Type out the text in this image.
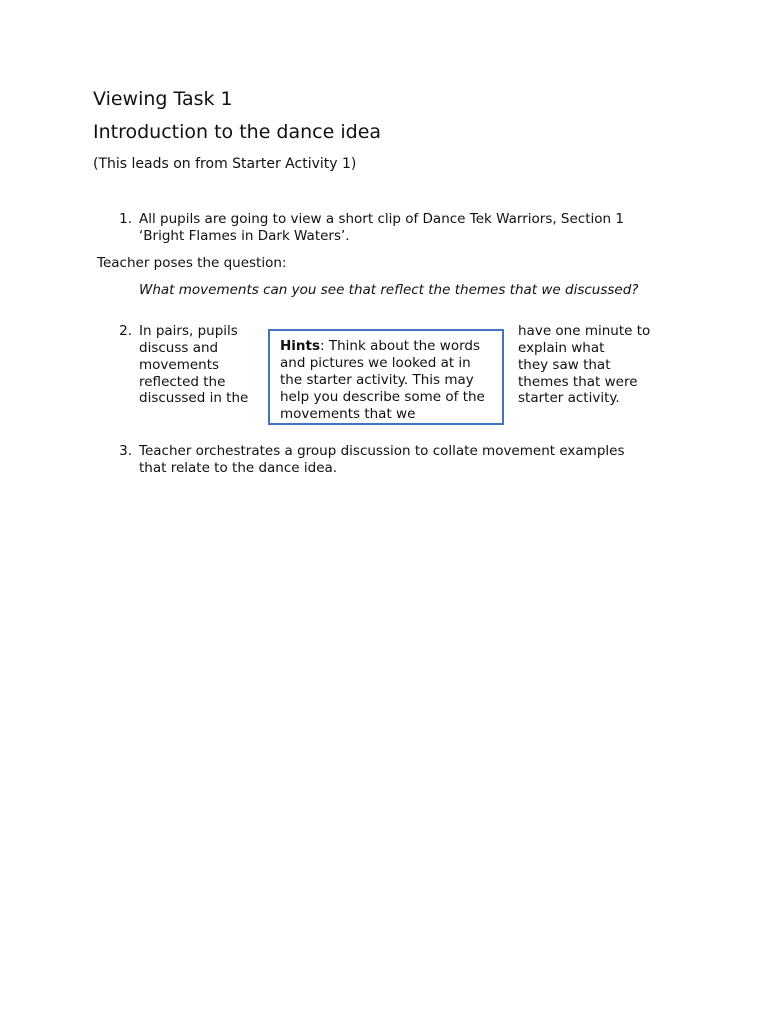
Viewing Task 1
Introduction to the dance idea
(This leads on from Starter Activity 1)
1. All pupils are going to view a short clip of Dance Tek Warriors, Section 1
‘Bright Flames in Dark Waters’.
Teacher poses the question:
What movements can you see that reflect the themes that we discussed?
2. In pairs, pupils
discuss and
movements
reflected the
discussed in the
have one minute to
explain what
they saw that
themes that were
starter activity.
Hints: Think about the words
and pictures we looked at in
the starter activity. This may
help you describe some of the
movements that we
3. Teacher orchestrates a group discussion to collate movement examples
that relate to the dance idea.
